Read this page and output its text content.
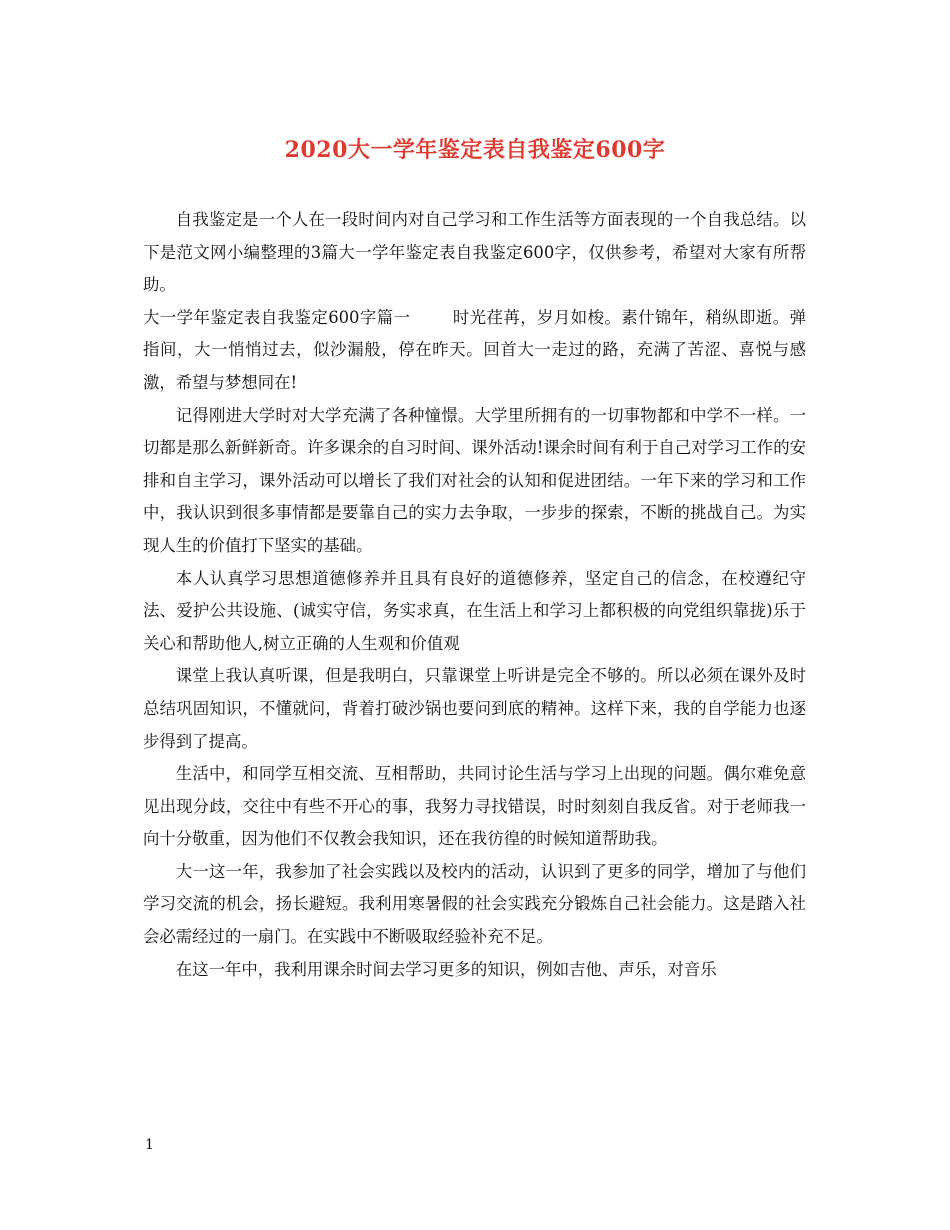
2020大一学年鉴定表自我鉴定600字

自我鉴定是一个人在一段时间内对自己学习和工作生活等方面表现的一个自我总结。以下是范文网小编整理的3篇大一学年鉴定表自我鉴定600字，仅供参考，希望对大家有所帮助。

大一学年鉴定表自我鉴定600字篇一	时光荏苒，岁月如梭。素什锦年，稍纵即逝。弹指间，大一悄悄过去，似沙漏般，停在昨天。回首大一走过的路，充满了苦涩、喜悦与感激，希望与梦想同在!

记得刚进大学时对大学充满了各种憧憬。大学里所拥有的一切事物都和中学不一样。一切都是那么新鲜新奇。许多课余的自习时间、课外活动!课余时间有利于自己对学习工作的安排和自主学习，课外活动可以增长了我们对社会的认知和促进团结。一年下来的学习和工作中，我认识到很多事情都是要靠自己的实力去争取，一步步的探索，不断的挑战自己。为实现人生的价值打下坚实的基础。

本人认真学习思想道德修养并且具有良好的道德修养，坚定自己的信念，在校遵纪守法、爱护公共设施、(诚实守信，务实求真，在生活上和学习上都积极的向党组织靠拢)乐于关心和帮助他人,树立正确的人生观和价值观

课堂上我认真听课，但是我明白，只靠课堂上听讲是完全不够的。所以必须在课外及时总结巩固知识，不懂就问，背着打破沙锅也要问到底的精神。这样下来，我的自学能力也逐步得到了提高。

生活中，和同学互相交流、互相帮助，共同讨论生活与学习上出现的问题。偶尔难免意见出现分歧，交往中有些不开心的事，我努力寻找错误，时时刻刻自我反省。对于老师我一向十分敬重，因为他们不仅教会我知识，还在我彷徨的时候知道帮助我。

大一这一年，我参加了社会实践以及校内的活动，认识到了更多的同学，增加了与他们学习交流的机会，扬长避短。我利用寒暑假的社会实践充分锻炼自己社会能力。这是踏入社会必需经过的一扇门。在实践中不断吸取经验补充不足。

在这一年中，我利用课余时间去学习更多的知识，例如吉他、声乐，对音乐

1
